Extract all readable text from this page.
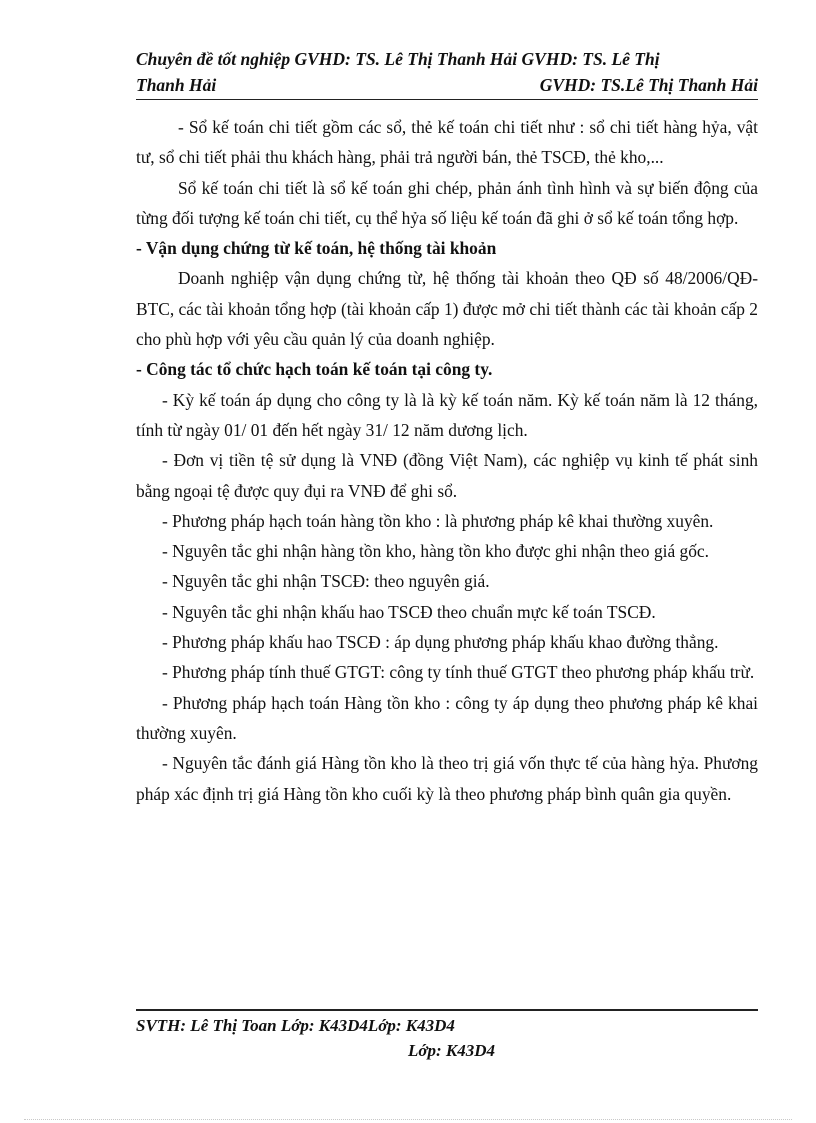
Chuyên đề tốt nghiệp GVHD: TS. Lê Thị Thanh Hải GVHD: TS. Lê Thị
Thanh Hải	GVHD: TS.Lê Thị Thanh Hải

- Sổ kế toán chi tiết gồm các sổ, thẻ kế toán chi tiết như : sổ chi tiết hàng hỷa, vật tư, sổ chi tiết phải thu khách hàng, phải trả người bán, thẻ TSCĐ, thẻ kho,...

Sổ kế toán chi tiết là sổ kế toán ghi chép, phản ánh tình hình và sự biến động của từng đối tượng kế toán chi tiết, cụ thể hỷa số liệu kế toán đã ghi ở sổ kế toán tổng hợp.

- Vận dụng chứng từ kế toán, hệ thống tài khoản

Doanh nghiệp vận dụng chứng từ, hệ thống tài khoản theo QĐ số 48/2006/QĐ- BTC, các tài khoản tổng hợp (tài khoản cấp 1) được mở chi tiết thành các tài khoản cấp 2 cho phù hợp với yêu cầu quản lý của doanh nghiệp.

- Công tác tổ chức hạch toán kế toán tại công ty.

- Kỳ kế toán áp dụng cho công ty là là kỳ kế toán năm. Kỳ kế toán năm là 12 tháng, tính từ ngày 01/ 01 đến hết ngày 31/ 12 năm dương lịch.

- Đơn vị tiền tệ sử dụng là VNĐ (đồng Việt Nam), các nghiệp vụ kinh tế phát sinh bằng ngoại tệ được quy đụi ra VNĐ để ghi sổ.

- Phương pháp hạch toán hàng tồn kho : là phương pháp kê khai thường xuyên.

- Nguyên tắc ghi nhận hàng tồn kho, hàng tồn kho được ghi nhận theo giá gốc.

- Nguyên tắc ghi nhận TSCĐ: theo nguyên giá.

- Nguyên tắc ghi nhận khấu hao TSCĐ theo chuẩn mực kế toán TSCĐ.

- Phương pháp khấu hao TSCĐ : áp dụng phương pháp khấu khao đường thẳng.

- Phương pháp tính thuế GTGT: công ty tính thuế GTGT theo phương pháp khấu trừ.

- Phương pháp hạch toán Hàng tồn kho : công ty áp dụng theo phương pháp kê khai thường xuyên.

- Nguyên tắc đánh giá Hàng tồn kho là theo trị giá vốn thực tế của hàng hỷa. Phương pháp xác định trị giá Hàng tồn kho cuối kỳ là theo phương pháp bình quân gia quyền.

SVTH: Lê Thị Toan Lớp: K43D4Lớp: K43D4
Lớp: K43D4
